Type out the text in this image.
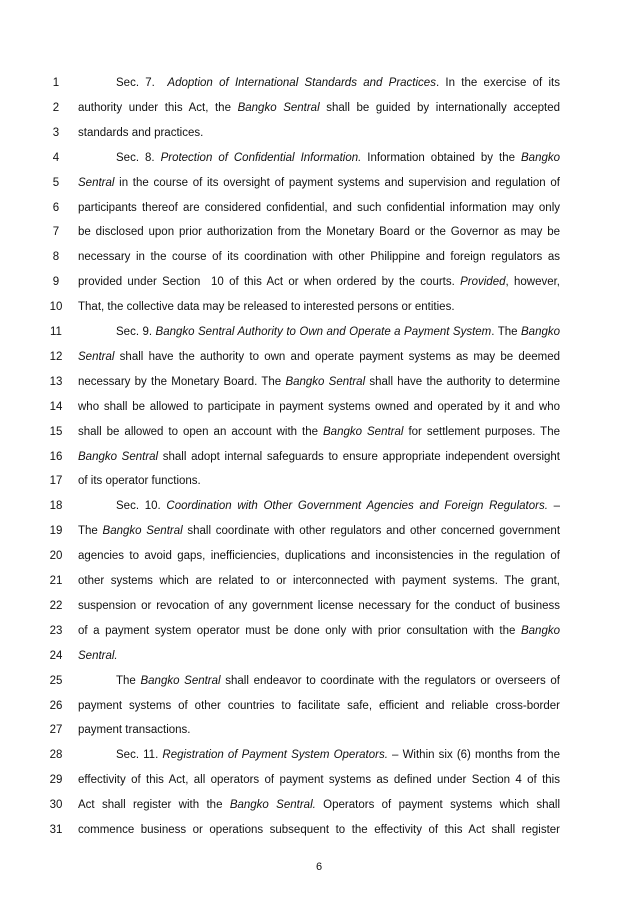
1	Sec. 7.  Adoption of International Standards and Practices. In the exercise of its
2	authority under this Act, the Bangko Sentral shall be guided by internationally accepted
3	standards and practices.
4	Sec. 8. Protection of Confidential Information. Information obtained by the Bangko
5	Sentral in the course of its oversight of payment systems and supervision and regulation of
6	participants thereof are considered confidential, and such confidential information may only
7	be disclosed upon prior authorization from the Monetary Board or the Governor as may be
8	necessary in the course of its coordination with other Philippine and foreign regulators as
9	provided under Section  10 of this Act or when ordered by the courts. Provided, however,
10	That, the collective data may be released to interested persons or entities.
11	Sec. 9. Bangko Sentral Authority to Own and Operate a Payment System. The Bangko
12	Sentral shall have the authority to own and operate payment systems as may be deemed
13	necessary by the Monetary Board. The Bangko Sentral shall have the authority to determine
14	who shall be allowed to participate in payment systems owned and operated by it and who
15	shall be allowed to open an account with the Bangko Sentral for settlement purposes. The
16	Bangko Sentral shall adopt internal safeguards to ensure appropriate independent oversight
17	of its operator functions.
18	Sec. 10. Coordination with Other Government Agencies and Foreign Regulators. –
19	The Bangko Sentral shall coordinate with other regulators and other concerned government
20	agencies to avoid gaps, inefficiencies, duplications and inconsistencies in the regulation of
21	other systems which are related to or interconnected with payment systems. The grant,
22	suspension or revocation of any government license necessary for the conduct of business
23	of a payment system operator must be done only with prior consultation with the Bangko
24	Sentral.
25	The Bangko Sentral shall endeavor to coordinate with the regulators or overseers of
26	payment systems of other countries to facilitate safe, efficient and reliable cross-border
27	payment transactions.
28	Sec. 11. Registration of Payment System Operators. – Within six (6) months from the
29	effectivity of this Act, all operators of payment systems as defined under Section 4 of this
30	Act shall register with the Bangko Sentral. Operators of payment systems which shall
31	commence business or operations subsequent to the effectivity of this Act shall register
6
